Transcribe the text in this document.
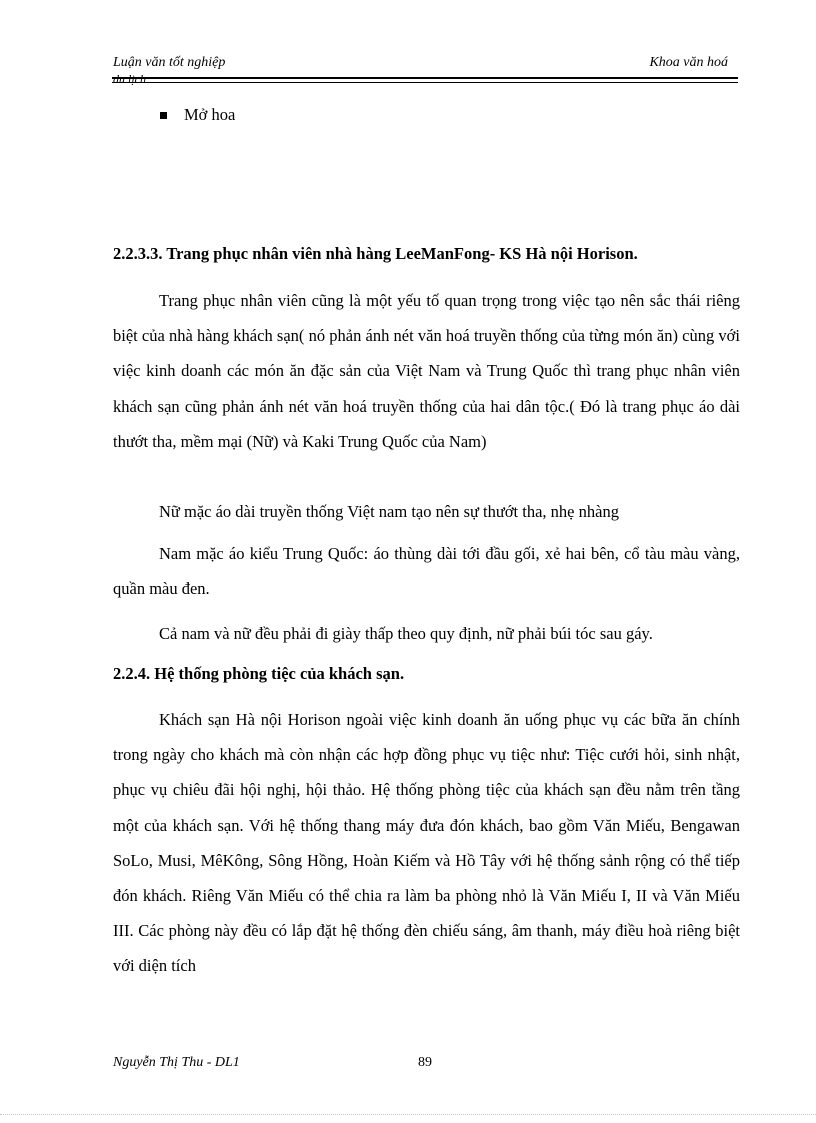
Luận văn tốt nghiệp
du lịch
Khoa văn hoá
Mở hoa
2.2.3.3. Trang phục nhân viên nhà hàng LeeManFong- KS Hà nội Horison.

Trang phục nhân viên cũng là một yếu tố quan trọng trong việc tạo nên sắc thái riêng biệt của nhà hàng khách sạn( nó phản ánh nét văn hoá truyền thống của từng món ăn) cùng với việc kinh doanh các món ăn đặc sản của Việt Nam và Trung Quốc thì trang phục nhân viên khách sạn cũng phản ánh nét văn hoá truyền thống của hai dân tộc.( Đó là trang phục áo dài thướt tha, mềm mại (Nữ) và Kaki Trung Quốc của Nam)

Nữ mặc áo dài truyền thống Việt nam tạo nên sự thướt tha, nhẹ nhàng

Nam mặc áo kiểu Trung Quốc: áo thùng dài tới đầu gối, xẻ hai bên, cổ tàu màu vàng, quần màu đen.

Cả nam và nữ đều phải đi giày thấp theo quy định, nữ phải búi tóc sau gáy.

2.2.4. Hệ thống phòng tiệc của khách sạn.

Khách sạn Hà nội Horison ngoài việc kinh doanh ăn uống phục vụ các bữa ăn chính trong ngày cho khách mà còn nhận các hợp đồng phục vụ tiệc như: Tiệc cưới hỏi, sinh nhật, phục vụ chiêu đãi hội nghị, hội thảo. Hệ thống phòng tiệc của khách sạn đều nằm trên tầng một của khách sạn. Với hệ thống thang máy đưa đón khách, bao gồm Văn Miếu, Bengawan SoLo, Musi, MêKông, Sông Hồng, Hoàn Kiếm và Hồ Tây với hệ thống sảnh rộng có thể tiếp đón khách. Riêng Văn Miếu có thể chia ra làm ba phòng nhỏ là Văn Miếu I, II và Văn Miếu III. Các phòng này đều có lắp đặt hệ thống đèn chiếu sáng, âm thanh, máy điều hoà riêng biệt với diện tích

Nguyễn Thị Thu - DL1	89
